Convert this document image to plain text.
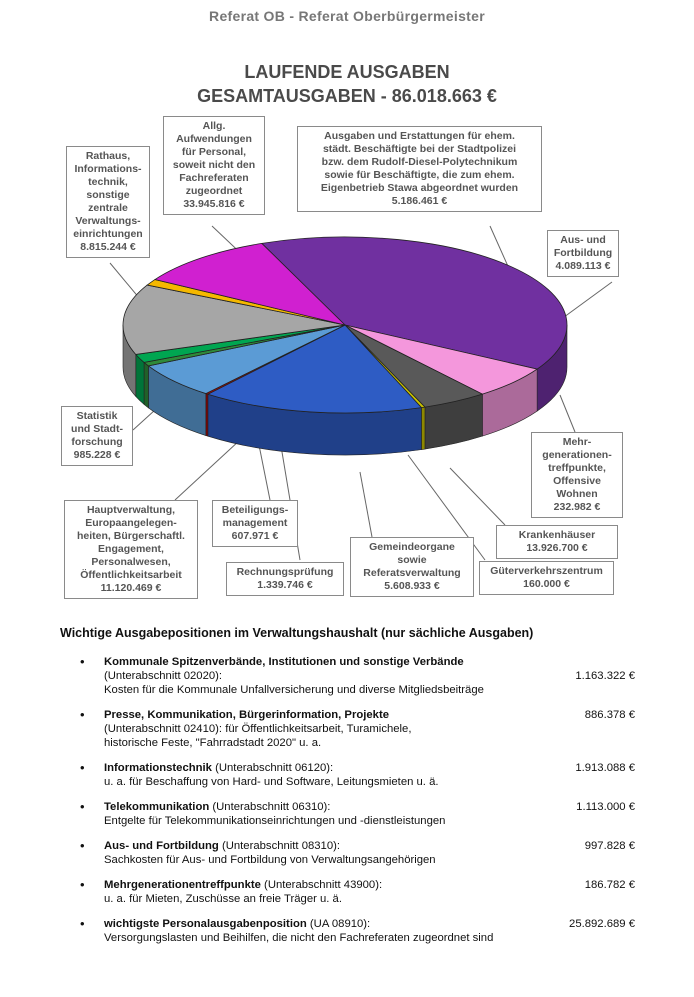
Referat OB - Referat Oberbürgermeister
LAUFENDE AUSGABEN
GESAMTAUSGABEN - 86.018.663 €
Rathaus,
Informations-
technik,
sonstige
zentrale
Verwaltungs-
einrichtungen
8.815.244 €
Allg.
Aufwendungen
für Personal,
soweit nicht den
Fachreferaten
zugeordnet
33.945.816 €
Ausgaben und Erstattungen für ehem.
städt. Beschäftigte bei der Stadtpolizei
bzw. dem Rudolf-Diesel-Polytechnikum
sowie für Beschäftigte, die zum ehem.
Eigenbetrieb Stawa abgeordnet wurden
5.186.461 €
Aus- und
Fortbildung
4.089.113 €
Mehr-
generationen-
treffpunkte,
Offensive
Wohnen
232.982 €
Krankenhäuser
13.926.700 €
Güterverkehrszentrum
160.000 €
Gemeindeorgane
sowie
Referatsverwaltung
5.608.933 €
Rechnungsprüfung
1.339.746 €
Beteiligungs-
management
607.971 €
Hauptverwaltung,
Europaangelegen-
heiten, Bürgerschaftl.
Engagement,
Personalwesen,
Öffentlichkeitsarbeit
11.120.469 €
Statistik
und Stadt-
forschung
985.228 €
Wichtige Ausgabepositionen im Verwaltungshaushalt (nur sächliche Ausgaben)
• Kommunale Spitzenverbände, Institutionen und sonstige Verbände
(Unterabschnitt 02020):
Kosten für die Kommunale Unfallversicherung und diverse Mitgliedsbeiträge
1.163.322 €
• Presse, Kommunikation, Bürgerinformation, Projekte
(Unterabschnitt 02410): für Öffentlichkeitsarbeit, Turamichele,
historische Feste, "Fahrradstadt 2020" u. a.
886.378 €
• Informationstechnik (Unterabschnitt 06120):
u. a. für Beschaffung von Hard- und Software, Leitungsmieten u. ä.
1.913.088 €
• Telekommunikation (Unterabschnitt 06310):
Entgelte für Telekommunikationseinrichtungen und -dienstleistungen
1.113.000 €
• Aus- und Fortbildung (Unterabschnitt 08310):
Sachkosten für Aus- und Fortbildung von Verwaltungsangehörigen
997.828 €
• Mehrgenerationentreffpunkte (Unterabschnitt 43900):
u. a. für Mieten, Zuschüsse an freie Träger u. ä.
186.782 €
• wichtigste Personalausgabenposition (UA 08910):
Versorgungslasten und Beihilfen, die nicht den Fachreferaten zugeordnet sind
25.892.689 €
